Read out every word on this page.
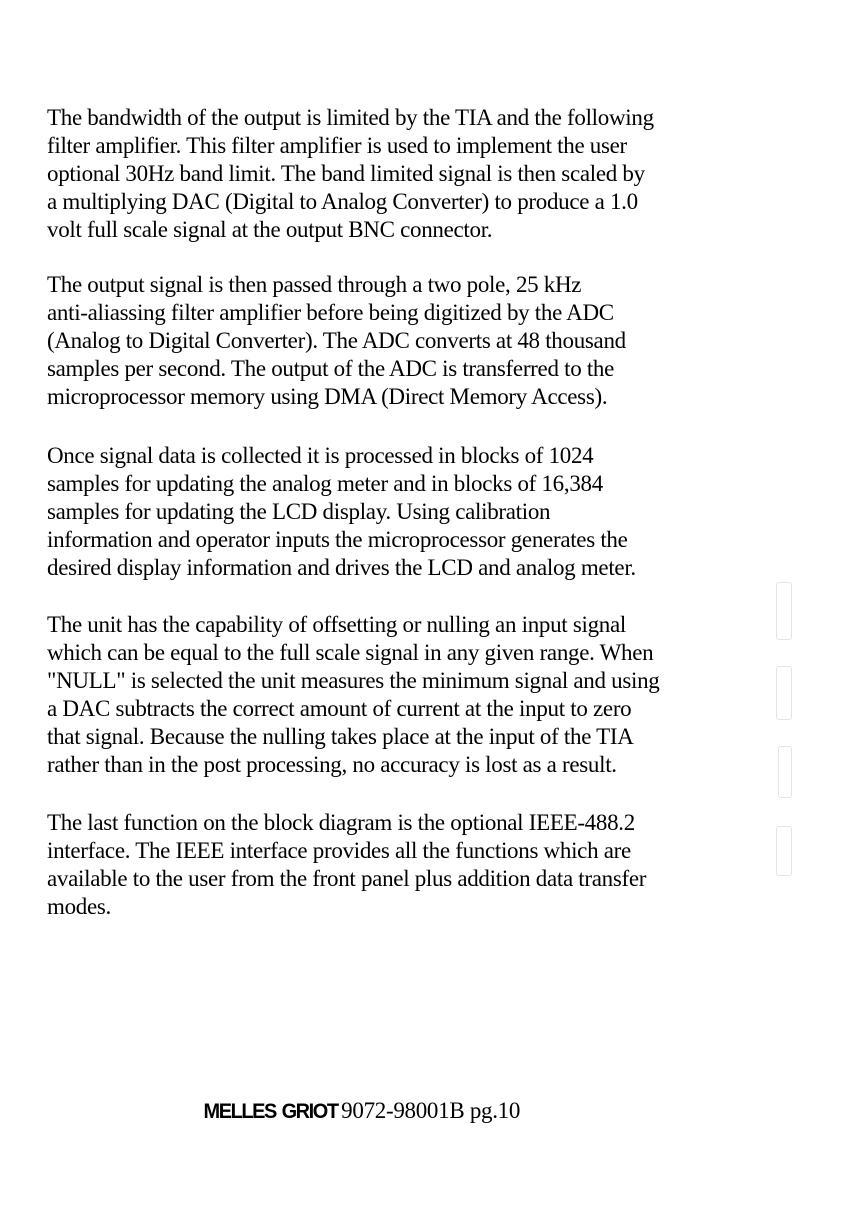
The bandwidth of the output is limited by the TIA and the following
filter amplifier. This filter amplifier is used to implement the user
optional 30Hz band limit. The band limited signal is then scaled by
a multiplying DAC (Digital to Analog Converter) to produce a 1.0
volt full scale signal at the output BNC connector.
The output signal is then passed through a two pole, 25 kHz
anti-aliassing filter amplifier before being digitized by the ADC
(Analog to Digital Converter). The ADC converts at 48 thousand
samples per second. The output of the ADC is transferred to the
microprocessor memory using DMA (Direct Memory Access).
Once signal data is collected it is processed in blocks of 1024
samples for updating the analog meter and in blocks of 16,384
samples for updating the LCD display. Using calibration
information and operator inputs the microprocessor generates the
desired display information and drives the LCD and analog meter.
The unit has the capability of offsetting or nulling an input signal
which can be equal to the full scale signal in any given range. When
"NULL" is selected the unit measures the minimum signal and using
a DAC subtracts the correct amount of current at the input to zero
that signal. Because the nulling takes place at the input of the TIA
rather than in the post processing, no accuracy is lost as a result.
The last function on the block diagram is the optional IEEE-488.2
interface. The IEEE interface provides all the functions which are
available to the user from the front panel plus addition data transfer
modes.
MELLES GRIOT 9072-98001B pg.10
